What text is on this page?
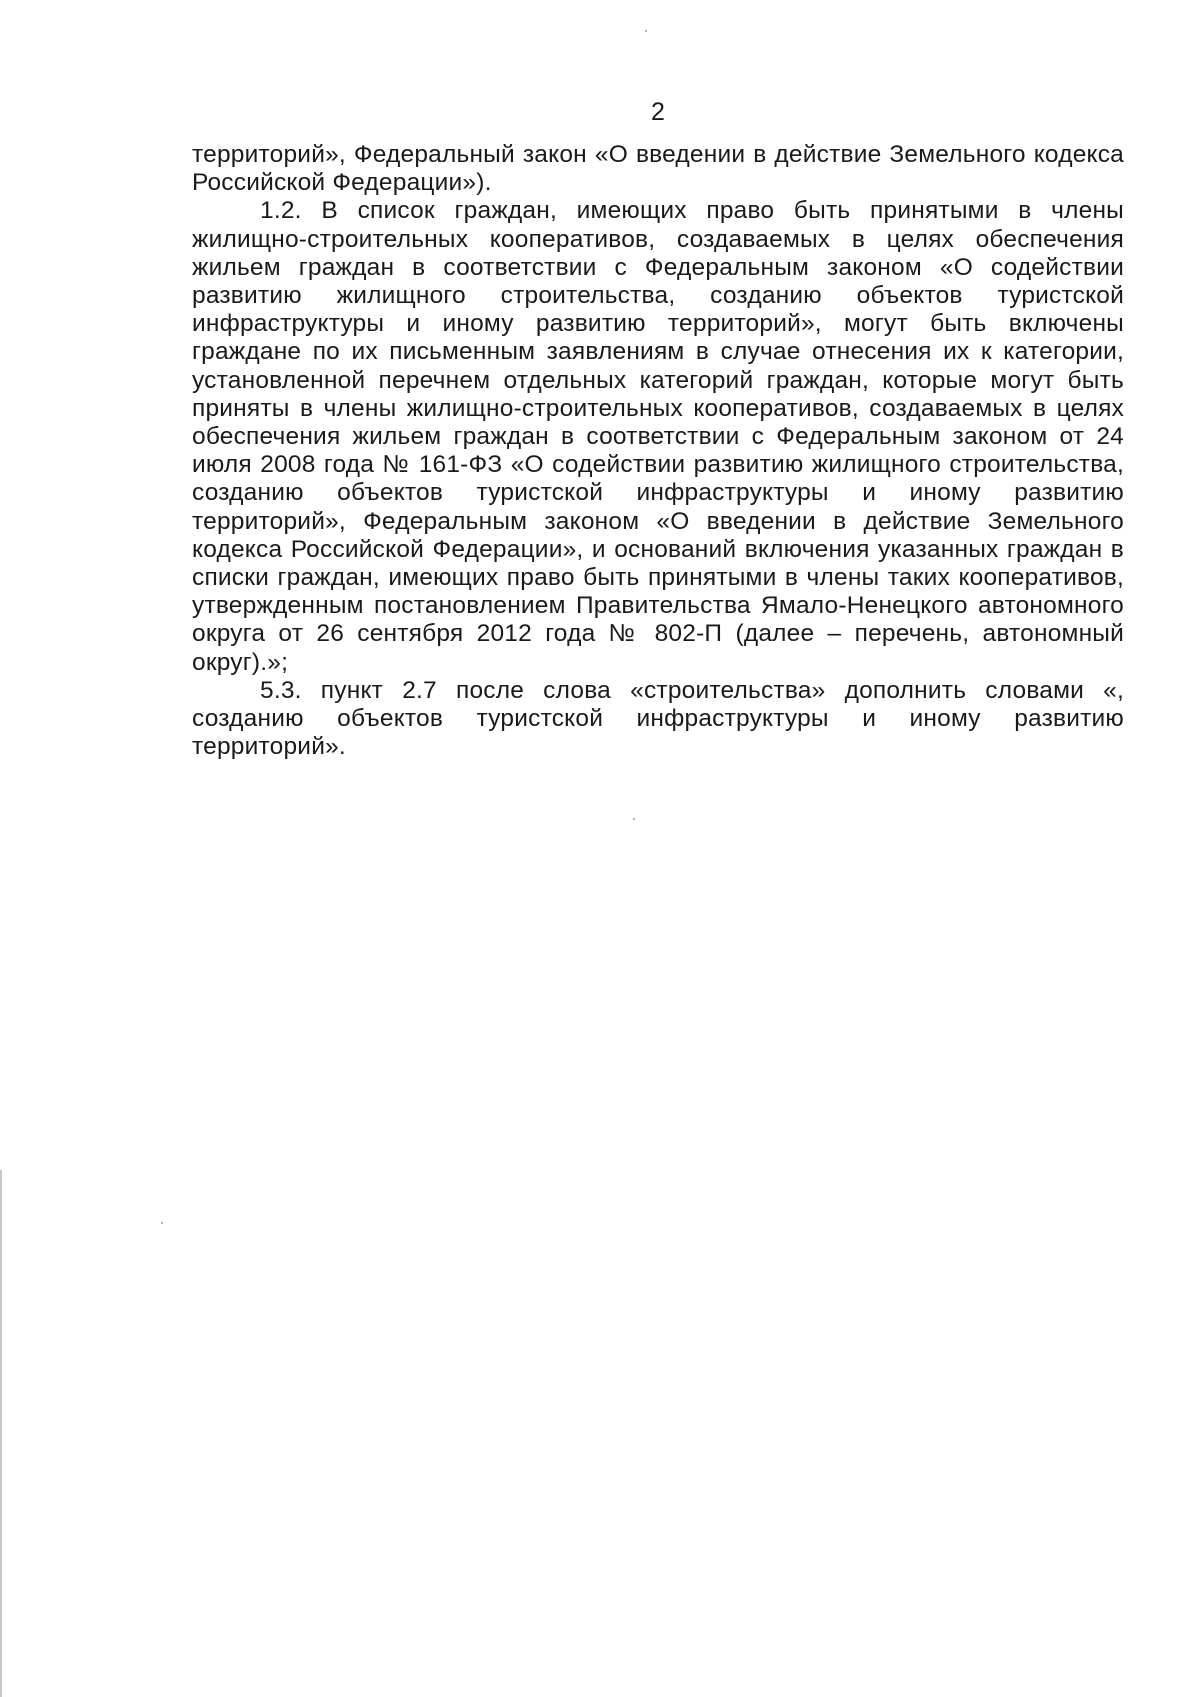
2

территорий», Федеральный закон «О введении в действие Земельного кодекса Российской Федерации»).

1.2. В список граждан, имеющих право быть принятыми в члены жилищно-строительных кооперативов, создаваемых в целях обеспечения жильем граждан в соответствии с Федеральным законом «О содействии развитию жилищного строительства, созданию объектов туристской инфраструктуры и иному развитию территорий», могут быть включены граждане по их письменным заявлениям в случае отнесения их к категории, установленной перечнем отдельных категорий граждан, которые могут быть приняты в члены жилищно-строительных кооперативов, создаваемых в целях обеспечения жильем граждан в соответствии с Федеральным законом от 24 июля 2008 года № 161-ФЗ «О содействии развитию жилищного строительства, созданию объектов туристской инфраструктуры и иному развитию территорий», Федеральным законом «О введении в действие Земельного кодекса Российской Федерации», и оснований включения указанных граждан в списки граждан, имеющих право быть принятыми в члены таких кооперативов, утвержденным постановлением Правительства Ямало-Ненецкого автономного округа от 26 сентября 2012 года № 802-П (далее – перечень, автономный округ).»;

5.3. пункт 2.7 после слова «строительства» дополнить словами «, созданию объектов туристской инфраструктуры и иному развитию территорий».
